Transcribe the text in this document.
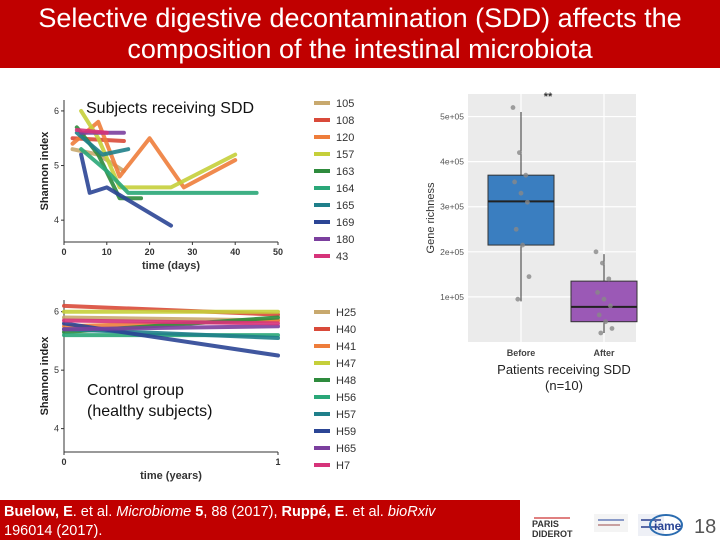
Selective digestive decontamination (SDD) affects the
composition of the intestinal microbiota
4
5
6
0	10	20	30	40	50
time (days)
Shannon index
105
108
120
157
163
164
165
169
180
43
4
5
6
0	1
time (years)
Shannon index
H25
H40
H41
H47
H48
H56
H57
H59
H65
H7
1e+05
2e+05
3e+05
4e+05
5e+05
Gene richness
**
Before	After
Subjects receiving SDD
Control group
(healthy subjects)
Patients receiving SDD
(n=10)
Buelow, E. et al. Microbiome 5, 88 (2017), Ruppé, E. et al. bioRxiv
196014 (2017).	PARIS
DIDEROT
iame 18
